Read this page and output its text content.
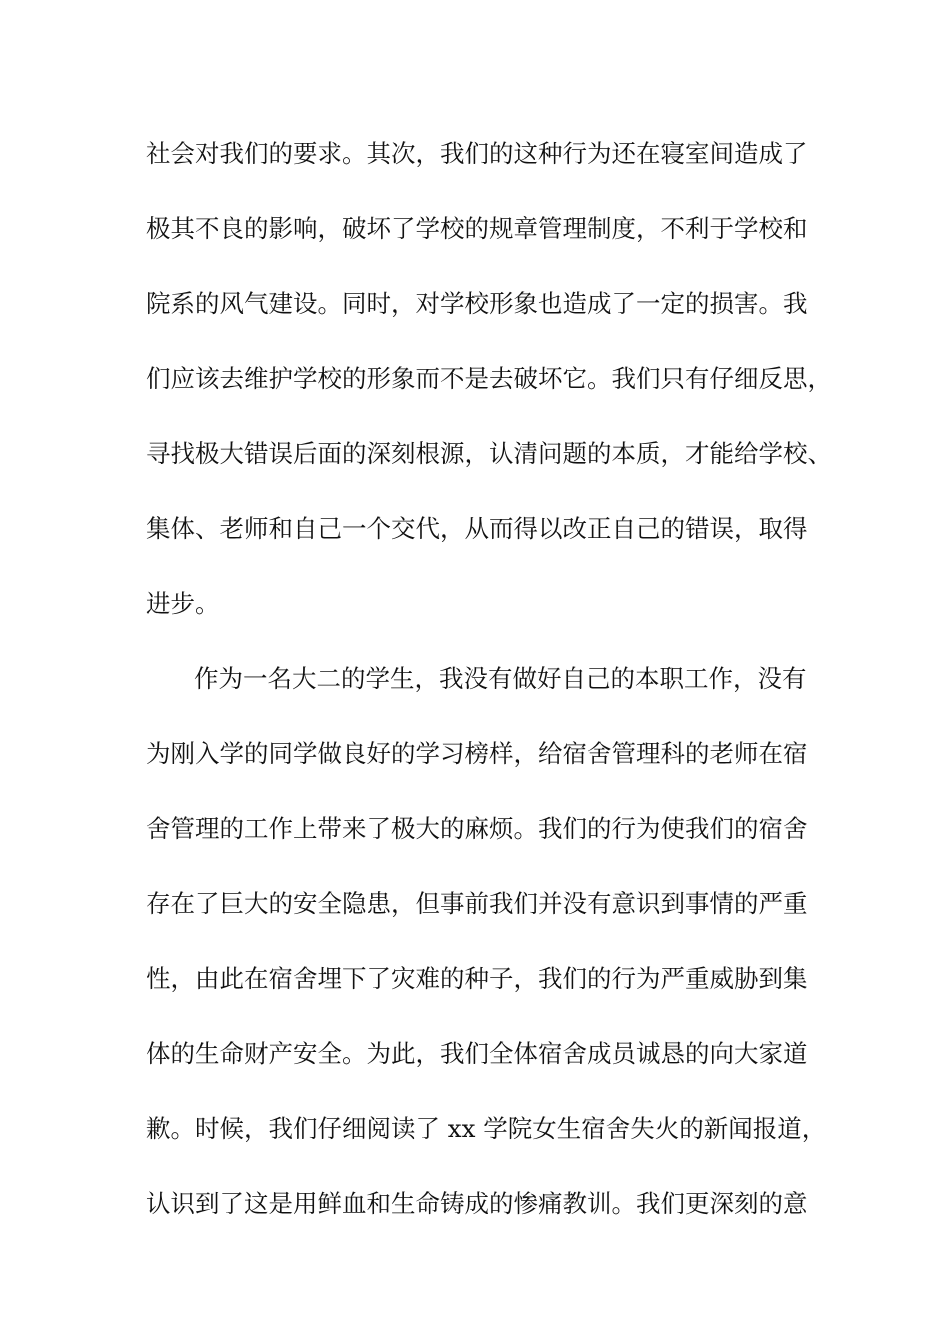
社会对我们的要求。其次，我们的这种行为还在寝室间造成了
极其不良的影响，破坏了学校的规章管理制度，不利于学校和
院系的风气建设。同时，对学校形象也造成了一定的损害。我
们应该去维护学校的形象而不是去破坏它。我们只有仔细反思，
寻找极大错误后面的深刻根源，认清问题的本质，才能给学校、
集体、老师和自己一个交代，从而得以改正自己的错误，取得
进步。
作为一名大二的学生，我没有做好自己的本职工作，没有
为刚入学的同学做良好的学习榜样，给宿舍管理科的老师在宿
舍管理的工作上带来了极大的麻烦。我们的行为使我们的宿舍
存在了巨大的安全隐患，但事前我们并没有意识到事情的严重
性，由此在宿舍埋下了灾难的种子，我们的行为严重威胁到集
体的生命财产安全。为此，我们全体宿舍成员诚恳的向大家道
歉。时候，我们仔细阅读了 xx 学院女生宿舍失火的新闻报道，
认识到了这是用鲜血和生命铸成的惨痛教训。我们更深刻的意
